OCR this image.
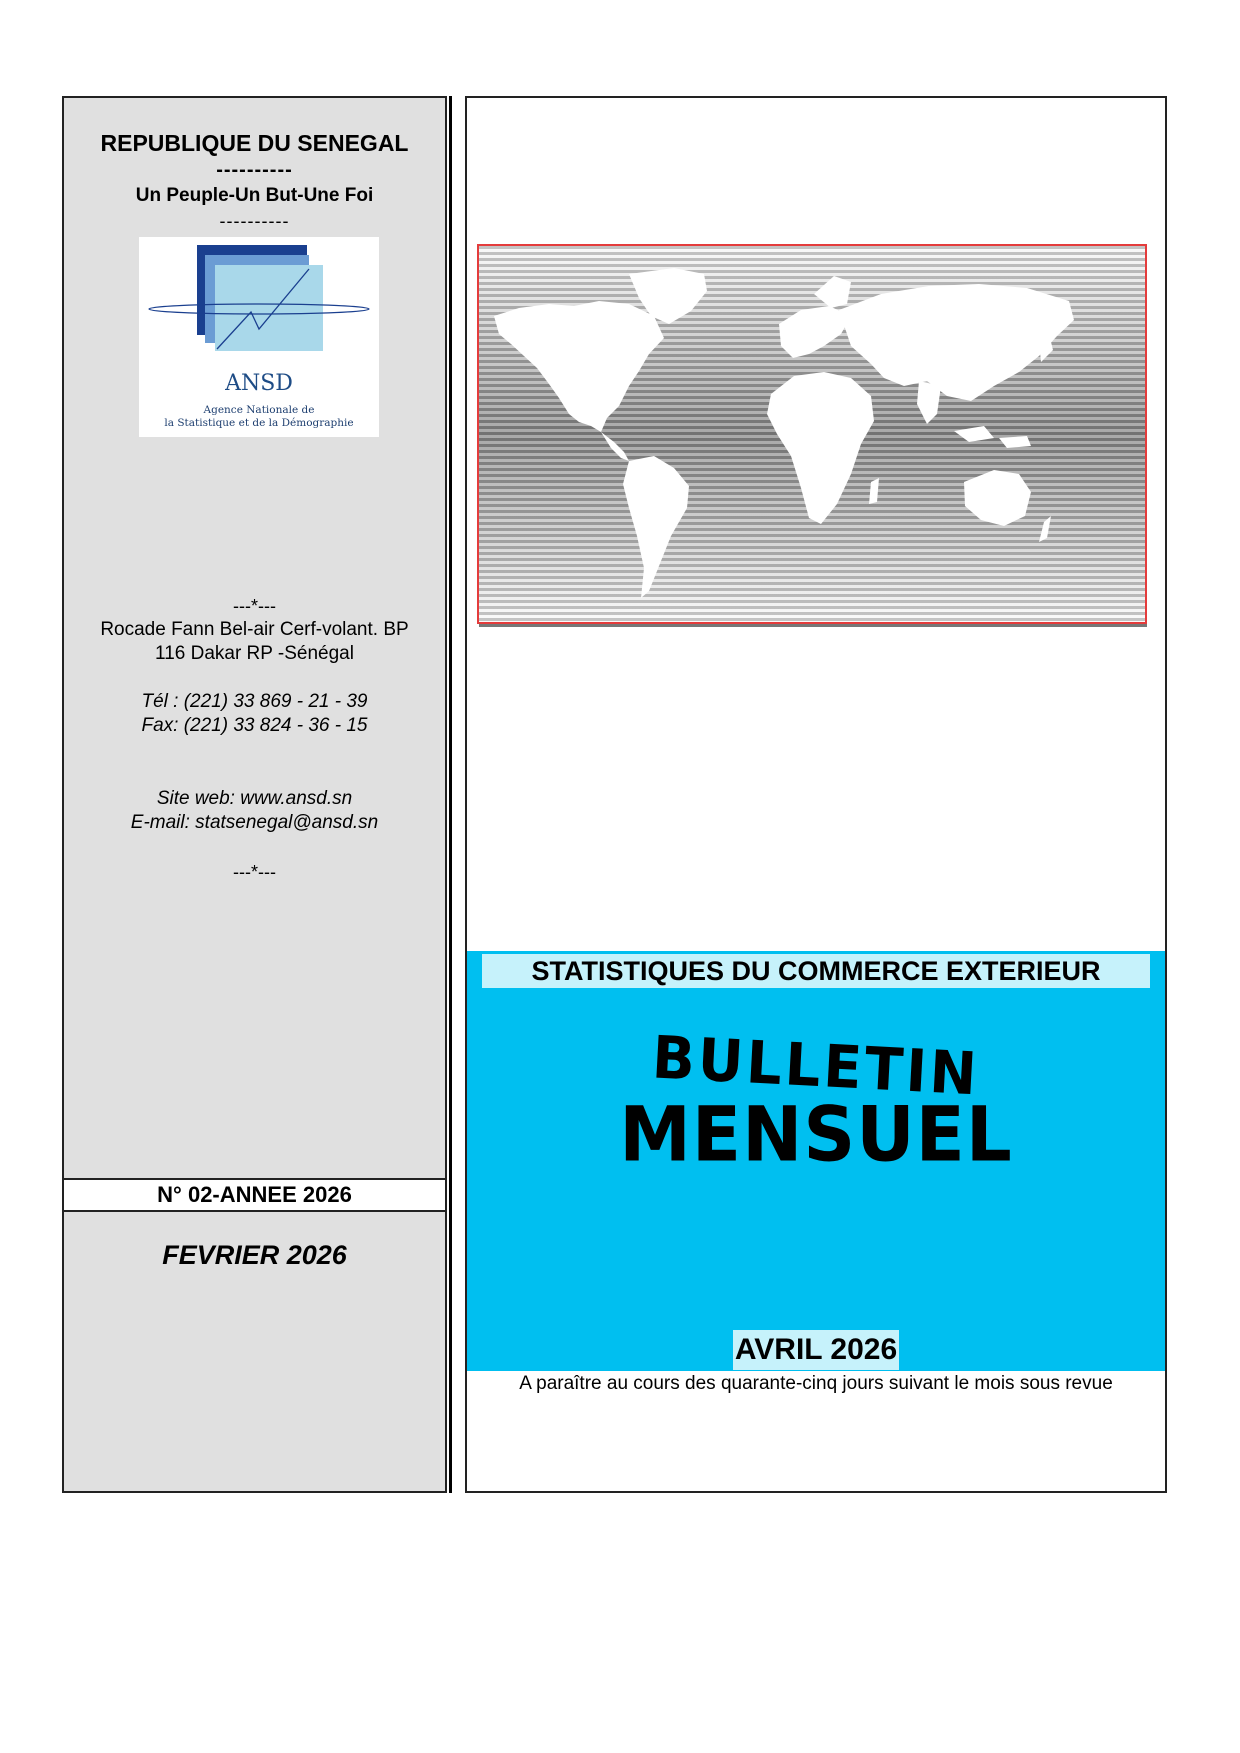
REPUBLIQUE DU SENEGAL
----------
Un Peuple-Un But-Une Foi
----------
ANSD
Agence Nationale de
la Statistique et de la Démographie
---*---
Rocade Fann Bel-air Cerf-volant. BP
116 Dakar RP -Sénégal
Tél : (221) 33 869 - 21 - 39
Fax: (221) 33 824 - 36 - 15
Site web: www.ansd.sn
E-mail: statsenegal@ansd.sn
---*---
N° 02-ANNEE 2026
FEVRIER 2026
STATISTIQUES DU COMMERCE EXTERIEUR
BULLETIN
MENSUEL
AVRIL 2026
A paraître au cours des quarante-cinq jours suivant le mois sous revue
